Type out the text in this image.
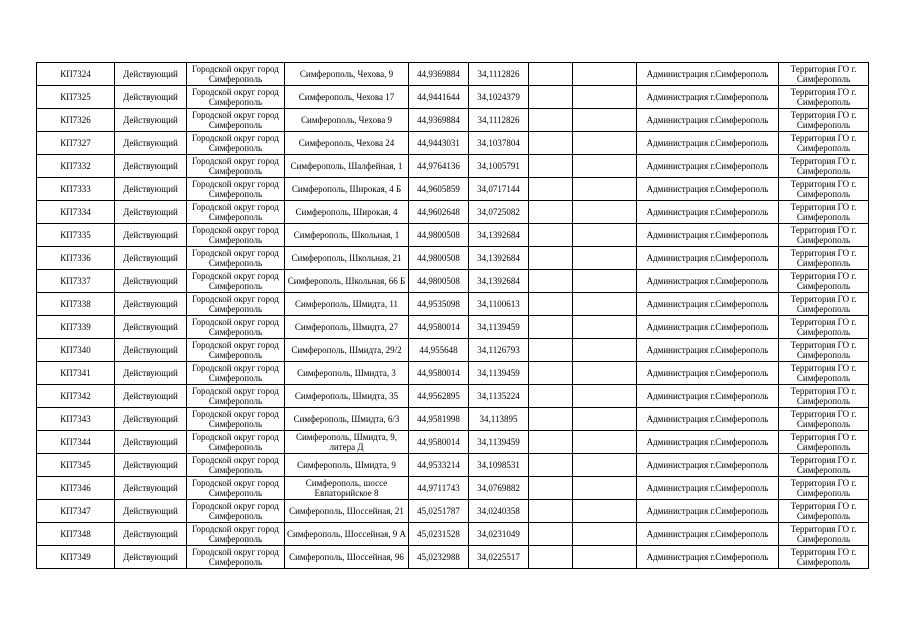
КП7324	Действующий	Городской округ город Симферополь	Симферополь, Чехова, 9	44,9369884	34,1112826			Администрация г.Симферополь	Территория ГО г. Симферополь
КП7325	Действующий	Городской округ город Симферополь	Симферополь, Чехова 17	44,9441644	34,1024379			Администрация г.Симферополь	Территория ГО г. Симферополь
КП7326	Действующий	Городской округ город Симферополь	Симферополь, Чехова 9	44,9369884	34,1112826			Администрация г.Симферополь	Территория ГО г. Симферополь
КП7327	Действующий	Городской округ город Симферополь	Симферополь, Чехова 24	44,9443031	34,1037804			Администрация г.Симферополь	Территория ГО г. Симферополь
КП7332	Действующий	Городской округ город Симферополь	Симферополь, Шалфейная, 1	44,9764136	34,1005791			Администрация г.Симферополь	Территория ГО г. Симферополь
КП7333	Действующий	Городской округ город Симферополь	Симферополь, Широкая, 4 Б	44,9605859	34,0717144			Администрация г.Симферополь	Территория ГО г. Симферополь
КП7334	Действующий	Городской округ город Симферополь	Симферополь, Широкая, 4	44,9602648	34,0725082			Администрация г.Симферополь	Территория ГО г. Симферополь
КП7335	Действующий	Городской округ город Симферополь	Симферополь, Школьная, 1	44,9800508	34,1392684			Администрация г.Симферополь	Территория ГО г. Симферополь
КП7336	Действующий	Городской округ город Симферополь	Симферополь, Школьная, 21	44,9800508	34,1392684			Администрация г.Симферополь	Территория ГО г. Симферополь
КП7337	Действующий	Городской округ город Симферополь	Симферополь, Школьная, 66 Б	44,9800508	34,1392684			Администрация г.Симферополь	Территория ГО г. Симферополь
КП7338	Действующий	Городской округ город Симферополь	Симферополь, Шмидта, 11	44,9535098	34,1100613			Администрация г.Симферополь	Территория ГО г. Симферополь
КП7339	Действующий	Городской округ город Симферополь	Симферополь, Шмидта, 27	44,9580014	34,1139459			Администрация г.Симферополь	Территория ГО г. Симферополь
КП7340	Действующий	Городской округ город Симферополь	Симферополь, Шмидта, 29/2	44,955648	34,1126793			Администрация г.Симферополь	Территория ГО г. Симферополь
КП7341	Действующий	Городской округ город Симферополь	Симферополь, Шмидта, 3	44,9580014	34,1139459			Администрация г.Симферополь	Территория ГО г. Симферополь
КП7342	Действующий	Городской округ город Симферополь	Симферополь, Шмидта, 35	44,9562895	34,1135224			Администрация г.Симферополь	Территория ГО г. Симферополь
КП7343	Действующий	Городской округ город Симферополь	Симферополь, Шмидта, 6/3	44,9581998	34,113895			Администрация г.Симферополь	Территория ГО г. Симферополь
КП7344	Действующий	Городской округ город Симферополь	Симферополь, Шмидта, 9, литера Д	44,9580014	34,1139459			Администрация г.Симферополь	Территория ГО г. Симферополь
КП7345	Действующий	Городской округ город Симферополь	Симферополь, Шмидта, 9	44,9533214	34,1098531			Администрация г.Симферополь	Территория ГО г. Симферополь
КП7346	Действующий	Городской округ город Симферополь	Симферополь, шоссе Евпаторийское 8	44,9711743	34,0769882			Администрация г.Симферополь	Территория ГО г. Симферополь
КП7347	Действующий	Городской округ город Симферополь	Симферополь, Шоссейная, 21	45,0251787	34,0240358			Администрация г.Симферополь	Территория ГО г. Симферополь
КП7348	Действующий	Городской округ город Симферополь	Симферополь, Шоссейная, 9 А	45,0231528	34,0231049			Администрация г.Симферополь	Территория ГО г. Симферополь
КП7349	Действующий	Городской округ город Симферополь	Симферополь, Шоссейная, 96	45,0232988	34,0225517			Администрация г.Симферополь	Территория ГО г. Симферополь
